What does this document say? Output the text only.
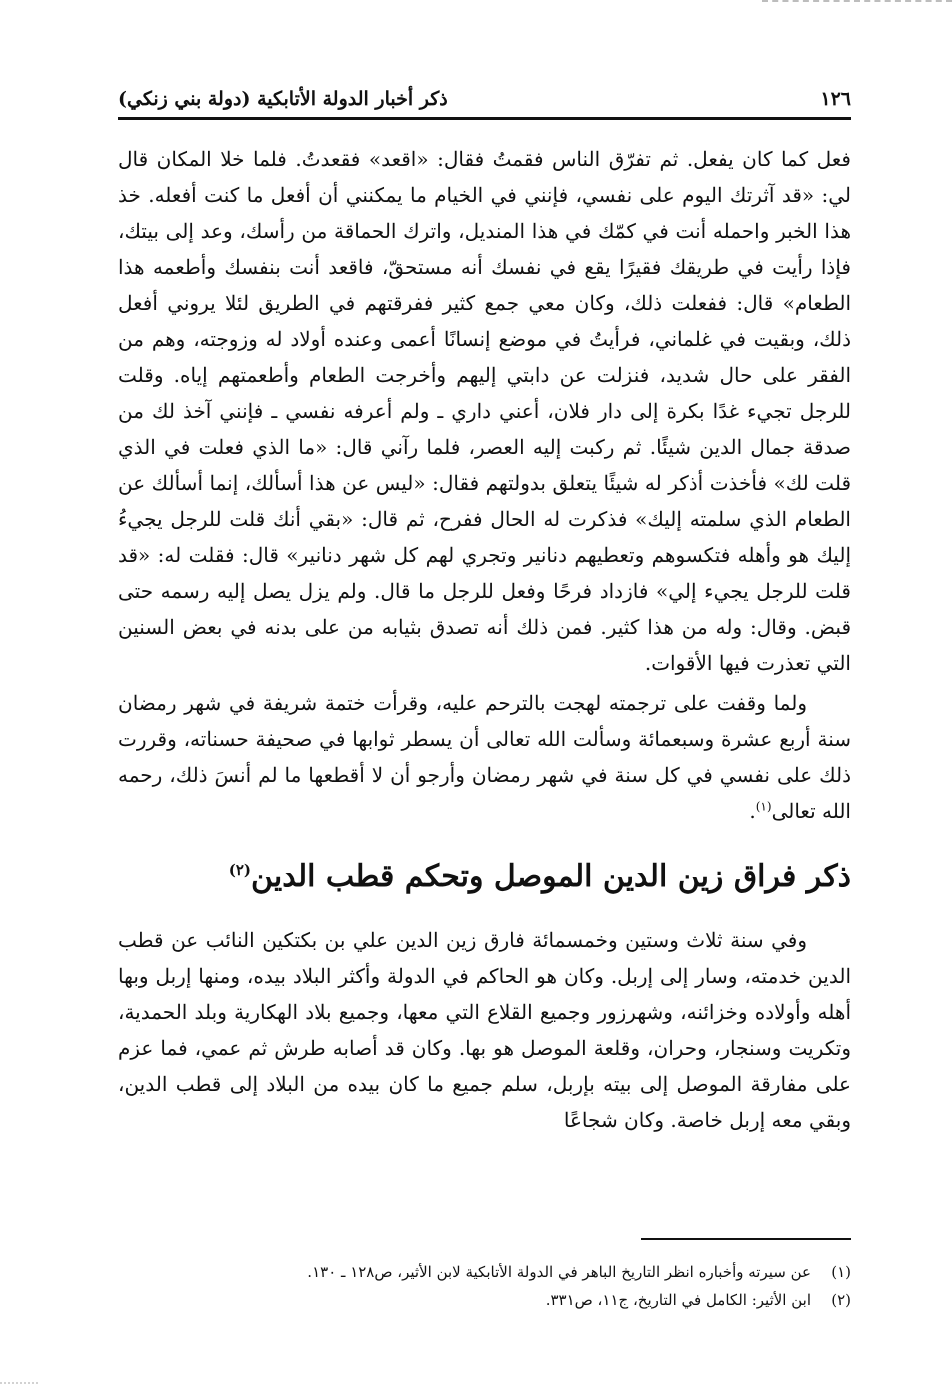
١٢٦
ذكر أخبار الدولة الأتابكية (دولة بني زنكي)

فعل كما كان يفعل. ثم تفرّق الناس فقمتُ فقال: «اقعد» فقعدتُ. فلما خلا المكان قال لي: «قد آثرتك اليوم على نفسي، فإنني في الخيام ما يمكنني أن أفعل ما كنت أفعله. خذ هذا الخبر واحمله أنت في كمّك في هذا المنديل، واترك الحماقة من رأسك، وعد إلى بيتك، فإذا رأيت في طريقك فقيرًا يقع في نفسك أنه مستحقّ، فاقعد أنت بنفسك وأطعمه هذا الطعام» قال: ففعلت ذلك، وكان معي جمع كثير ففرقتهم في الطريق لئلا يروني أفعل ذلك، وبقيت في غلماني، فرأيتُ في موضع إنسانًا أعمى وعنده أولاد له وزوجته، وهم من الفقر على حال شديد، فنزلت عن دابتي إليهم وأخرجت الطعام وأطعمتهم إياه. وقلت للرجل تجيء غدًا بكرة إلى دار فلان، أعني داري ـ ولم أعرفه نفسي ـ فإنني آخذ لك من صدقة جمال الدين شيئًا. ثم ركبت إليه العصر، فلما رآني قال: «ما الذي فعلت في الذي قلت لك» فأخذت أذكر له شيئًا يتعلق بدولتهم فقال: «ليس عن هذا أسألك، إنما أسألك عن الطعام الذي سلمته إليك» فذكرت له الحال ففرح، ثم قال: «بقي أنك قلت للرجل يجيءُ إليك هو وأهله فتكسوهم وتعطيهم دنانير وتجري لهم كل شهر دنانير» قال: فقلت له: «قد قلت للرجل يجيء إلي» فازداد فرحًا وفعل للرجل ما قال. ولم يزل يصل إليه رسمه حتى قبض. وقال: وله من هذا كثير. فمن ذلك أنه تصدق بثيابه من على بدنه في بعض السنين التي تعذرت فيها الأقوات.

ولما وقفت على ترجمته لهجت بالترحم عليه، وقرأت ختمة شريفة في شهر رمضان سنة أربع عشرة وسبعمائة وسألت الله تعالى أن يسطر ثوابها في صحيفة حسناته، وقررت ذلك على نفسي في كل سنة في شهر رمضان وأرجو أن لا أقطعها ما لم أنسَ ذلك، رحمه الله تعالى$^{(١)}$.

ذكر فراق زين الدين الموصل وتحكم قطب الدين$^{(٢)}$

وفي سنة ثلاث وستين وخمسمائة فارق زين الدين علي بن بكتكين النائب عن قطب الدين خدمته، وسار إلى إربل. وكان هو الحاكم في الدولة وأكثر البلاد بيده، ومنها إربل وبها أهله وأولاده وخزائنه، وشهرزور وجميع القلاع التي معها، وجميع بلاد الهكارية وبلد الحمدية، وتكريت وسنجار، وحران، وقلعة الموصل هو بها. وكان قد أصابه طرش ثم عمي، فما عزم على مفارقة الموصل إلى بيته بإربل، سلم جميع ما كان بيده من البلاد إلى قطب الدين، وبقي معه إربل خاصة. وكان شجاعًا

(١)
عن سيرته وأخباره انظر التاريخ الباهر في الدولة الأتابكية لابن الأثير، ص١٢٨ ـ ١٣٠.
(٢)
ابن الأثير: الكامل في التاريخ، ج١١، ص٣٣١.
